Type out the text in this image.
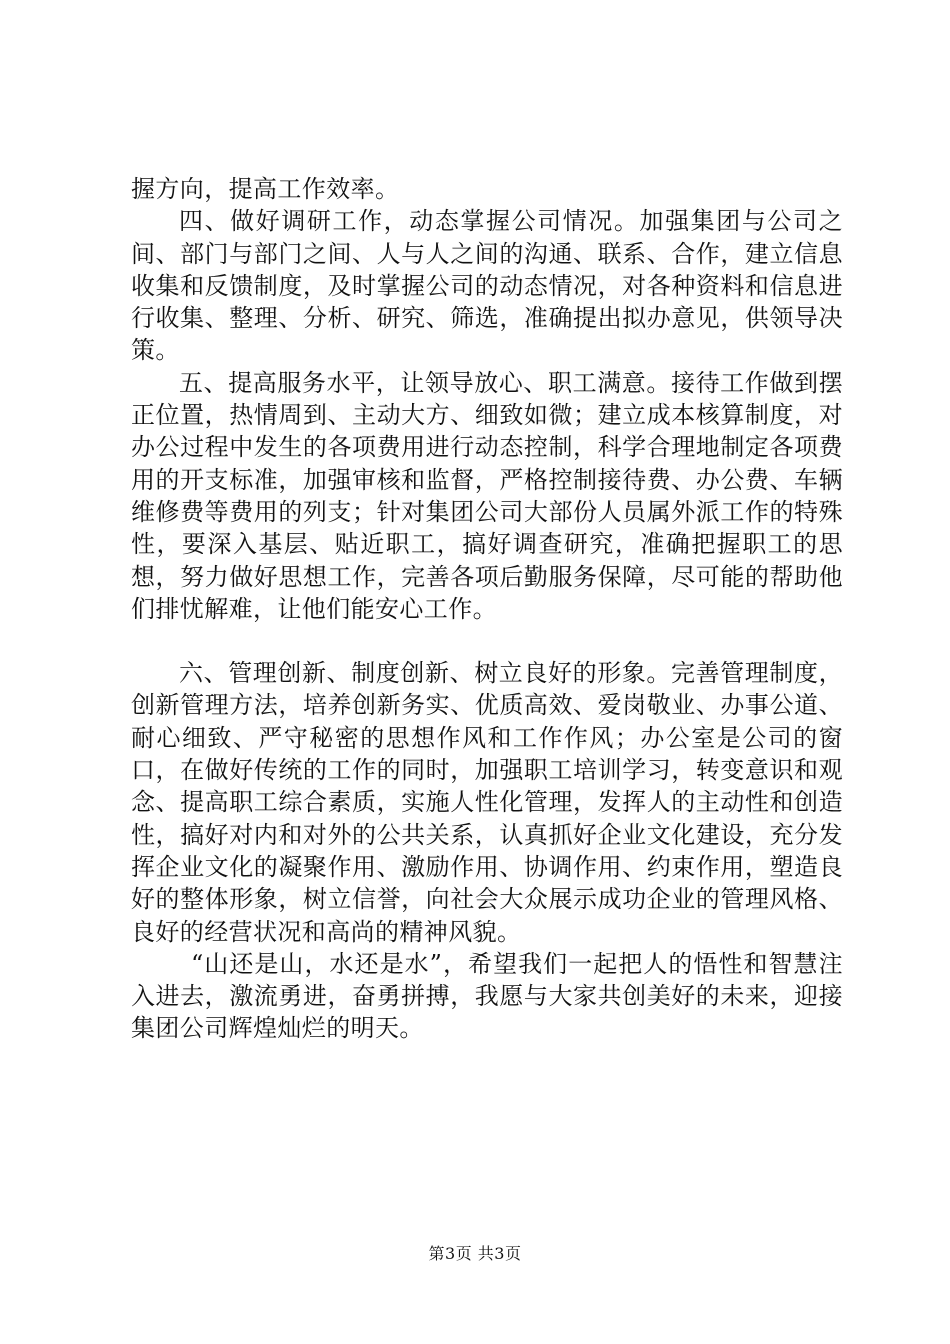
握方向，提高工作效率。

四、做好调研工作，动态掌握公司情况。加强集团与公司之间、部门与部门之间、人与人之间的沟通、联系、合作，建立信息收集和反馈制度，及时掌握公司的动态情况，对各种资料和信息进行收集、整理、分析、研究、筛选，准确提出拟办意见，供领导决策。

五、提高服务水平，让领导放心、职工满意。接待工作做到摆正位置，热情周到、主动大方、细致如微；建立成本核算制度，对办公过程中发生的各项费用进行动态控制，科学合理地制定各项费用的开支标准，加强审核和监督，严格控制接待费、办公费、车辆维修费等费用的列支；针对集团公司大部份人员属外派工作的特殊性，要深入基层、贴近职工，搞好调查研究，准确把握职工的思想，努力做好思想工作，完善各项后勤服务保障，尽可能的帮助他们排忧解难，让他们能安心工作。

六、管理创新、制度创新、树立良好的形象。完善管理制度，创新管理方法，培养创新务实、优质高效、爱岗敬业、办事公道、耐心细致、严守秘密的思想作风和工作作风；办公室是公司的窗口，在做好传统的工作的同时，加强职工培训学习，转变意识和观念、提高职工综合素质，实施人性化管理，发挥人的主动性和创造性，搞好对内和对外的公共关系，认真抓好企业文化建设，充分发挥企业文化的凝聚作用、激励作用、协调作用、约束作用，塑造良好的整体形象，树立信誉，向社会大众展示成功企业的管理风格、良好的经营状况和高尚的精神风貌。

“山还是山，水还是水”，希望我们一起把人的悟性和智慧注入进去，激流勇进，奋勇拼搏，我愿与大家共创美好的未来，迎接集团公司辉煌灿烂的明天。

第3页 共3页
